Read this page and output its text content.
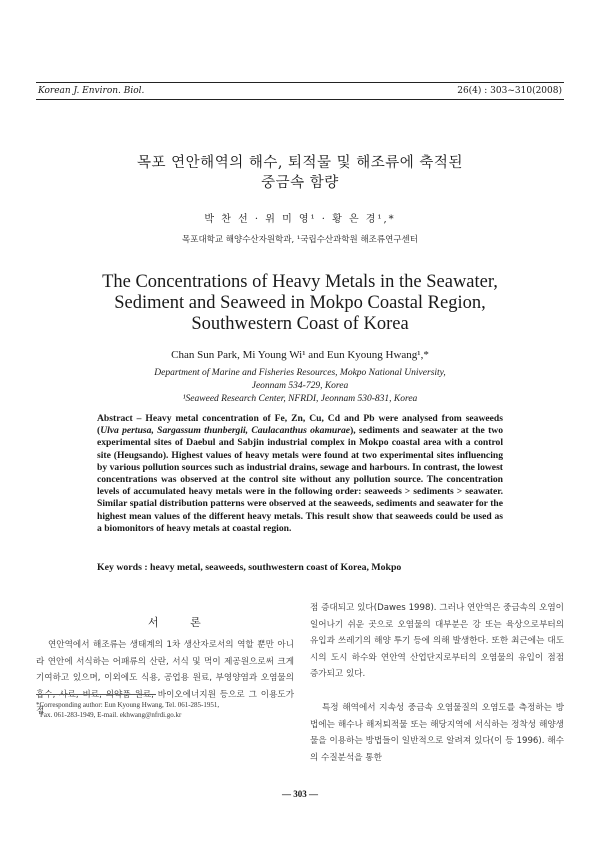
Korean J. Environ. Biol.	26(4) : 303~310(2008)
목포 연안해역의 해수, 퇴적물 및 해조류에 축적된
중금속 함량
박 찬 선 · 위 미 영¹ · 황 은 경¹,*
목포대학교 해양수산자원학과, ¹국립수산과학원 해조류연구센터
The Concentrations of Heavy Metals in the Seawater,
Sediment and Seaweed in Mokpo Coastal Region,
Southwestern Coast of Korea
Chan Sun Park, Mi Young Wi¹ and Eun Kyoung Hwang¹,*
Department of Marine and Fisheries Resources, Mokpo National University,
Jeonnam 534-729, Korea
¹Seaweed Research Center, NFRDI, Jeonnam 530-831, Korea
Abstract – Heavy metal concentration of Fe, Zn, Cu, Cd and Pb were analysed from seaweeds (Ulva pertusa, Sargassum thunbergii, Caulacanthus okamurae), sediments and seawater at the two experimental sites of Daebul and Sabjin industrial complex in Mokpo coastal area with a control site (Heugsando). Highest values of heavy metals were found at two experimental sites influencing by various pollution sources such as industrial drains, sewage and harbours. In contrast, the lowest concentrations was observed at the control site without any pollution source. The concentration levels of accumulated heavy metals were in the following order: seaweeds > sediments > seawater. Similar spatial distribution patterns were observed at the seaweeds, sediments and seawater for the highest mean values of the different heavy metals. This result show that seaweeds could be used as a biomonitors of heavy metals at coastal region.
Key words : heavy metal, seaweeds, southwestern coast of Korea, Mokpo
서 론
연안역에서 해조류는 생태계의 1차 생산자로서의 역할 뿐만 아니라 연안에 서식하는 어패류의 산란, 서식 및 먹이 제공원으로써 크게 기여하고 있으며, 이외에도 식용, 공업용 원료, 부영양염과 오염물의 흡수, 사료, 비료, 의약품 원료, 바이오에너지원 등으로 그 이용도가 점
*Corresponding author: Eun Kyoung Hwang, Tel. 061-285-1951,
Fax. 061-283-1949, E-mail. ekhwang@nfrdi.go.kr
점 증대되고 있다(Dawes 1998). 그러나 연안역은 중금속의 오염이 일어나기 쉬운 곳으로 오염물의 대부분은 강 또는 육상으로부터의 유입과 쓰레기의 해양 투기 등에 의해 발생한다. 또한 최근에는 대도시의 도시 하수와 연안역 산업단지로부터의 오염물의 유입이 점점 증가되고 있다.
특정 해역에서 지속성 중금속 오염물질의 오염도를 측정하는 방법에는 해수나 해저퇴적물 또는 해당지역에 서식하는 정착성 해양생물을 이용하는 방법들이 일반적으로 알려져 있다(이 등 1996). 해수의 수질분석을 통한
— 303 —
